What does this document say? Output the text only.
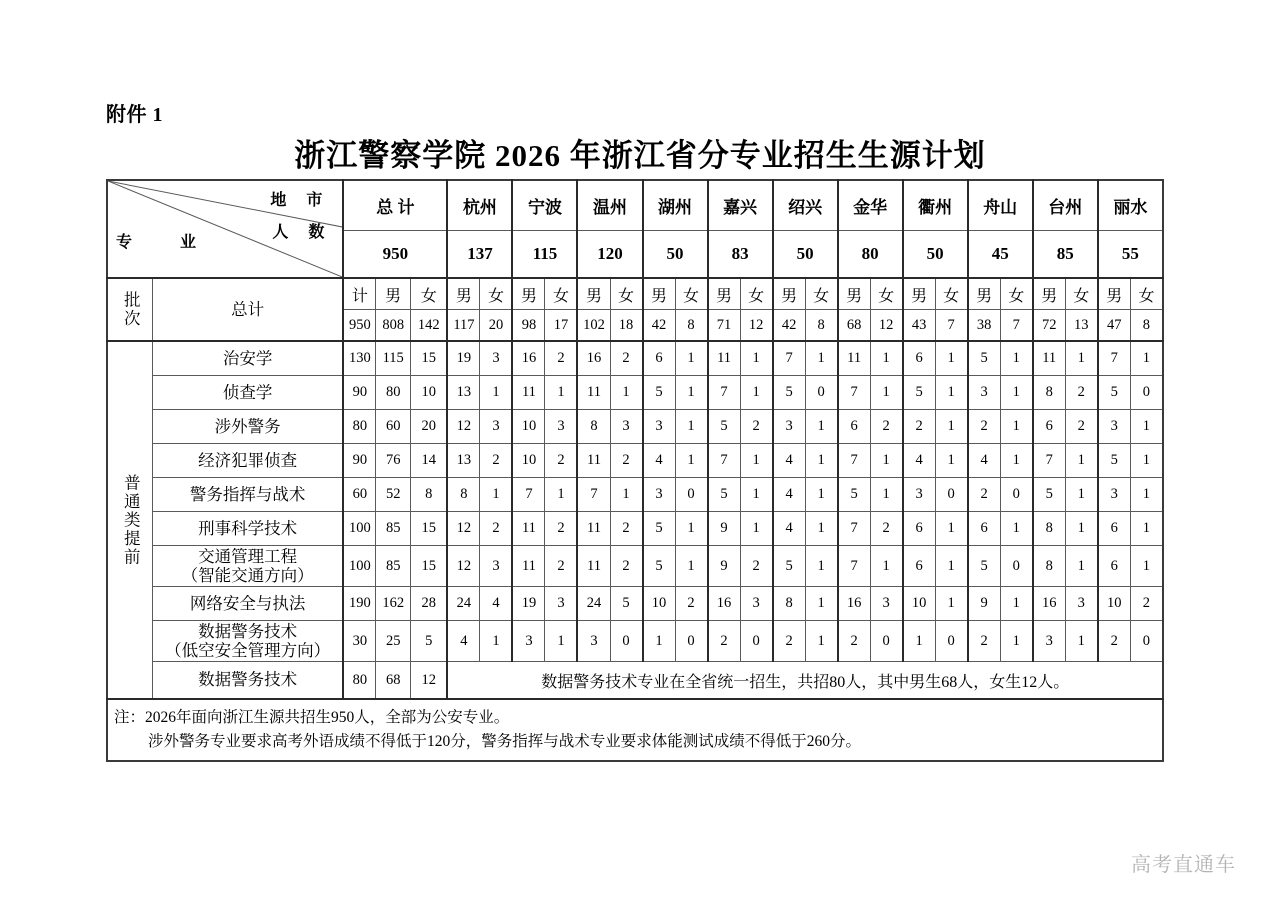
附件 1
浙江警察学院 2026 年浙江省分专业招生生源计划
地 市
人 数
专 业		总 计			杭州		宁波		温州		湖州		嘉兴		绍兴		金华		衢州		舟山		台州		丽水	
		950			137		115		120		50		83		50		80		50		45		85		55	

批次	总计	计	男	女	男	女	男	女	男	女	男	女	男	女	男	女	男	女	男	女	男	女	男	女	男	女
		950	808	142	117	20	98	17	102	18	42	8	71	12	42	8	68	12	43	7	38	7	72	13	47	8

普通类提前	治安学	130	115	15	19	3	16	2	16	2	6	1	11	1	7	1	11	1	6	1	5	1	11	1	7	1

	侦查学	90	80	10	13	1	11	1	11	1	5	1	7	1	5	0	7	1	5	1	3	1	8	2	5	0

	涉外警务	80	60	20	12	3	10	3	8	3	3	1	5	2	3	1	6	2	2	1	2	1	6	2	3	1

	经济犯罪侦查	90	76	14	13	2	10	2	11	2	4	1	7	1	4	1	7	1	4	1	4	1	7	1	5	1

	警务指挥与战术	60	52	8	8	1	7	1	7	1	3	0	5	1	4	1	5	1	3	0	2	0	5	1	3	1

	刑事科学技术	100	85	15	12	2	11	2	11	2	5	1	9	1	4	1	7	2	6	1	6	1	8	1	6	1

	交通管理工程
（智能交通方向）	100	85	15	12	3	11	2	11	2	5	1	9	2	5	1	7	1	6	1	5	0	8	1	6	1

	网络安全与执法	190	162	28	24	4	19	3	24	5	10	2	16	3	8	1	16	3	10	1	9	1	16	3	10	2

	数据警务技术
（低空安全管理方向）	30	25	5	4	1	3	1	3	0	1	0	2	0	2	1	2	0	1	0	2	1	3	1	2	0
	数据警务技术	80	68	12	数据警务技术专业在全省统一招生，共招80人，其中男生68人，女生12人。																					
注：2026年面向浙江生源共招生950人，全部为公安专业。
涉外警务专业要求高考外语成绩不得低于120分，警务指挥与战术专业要求体能测试成绩不得低于260分。																										
高考直通车
